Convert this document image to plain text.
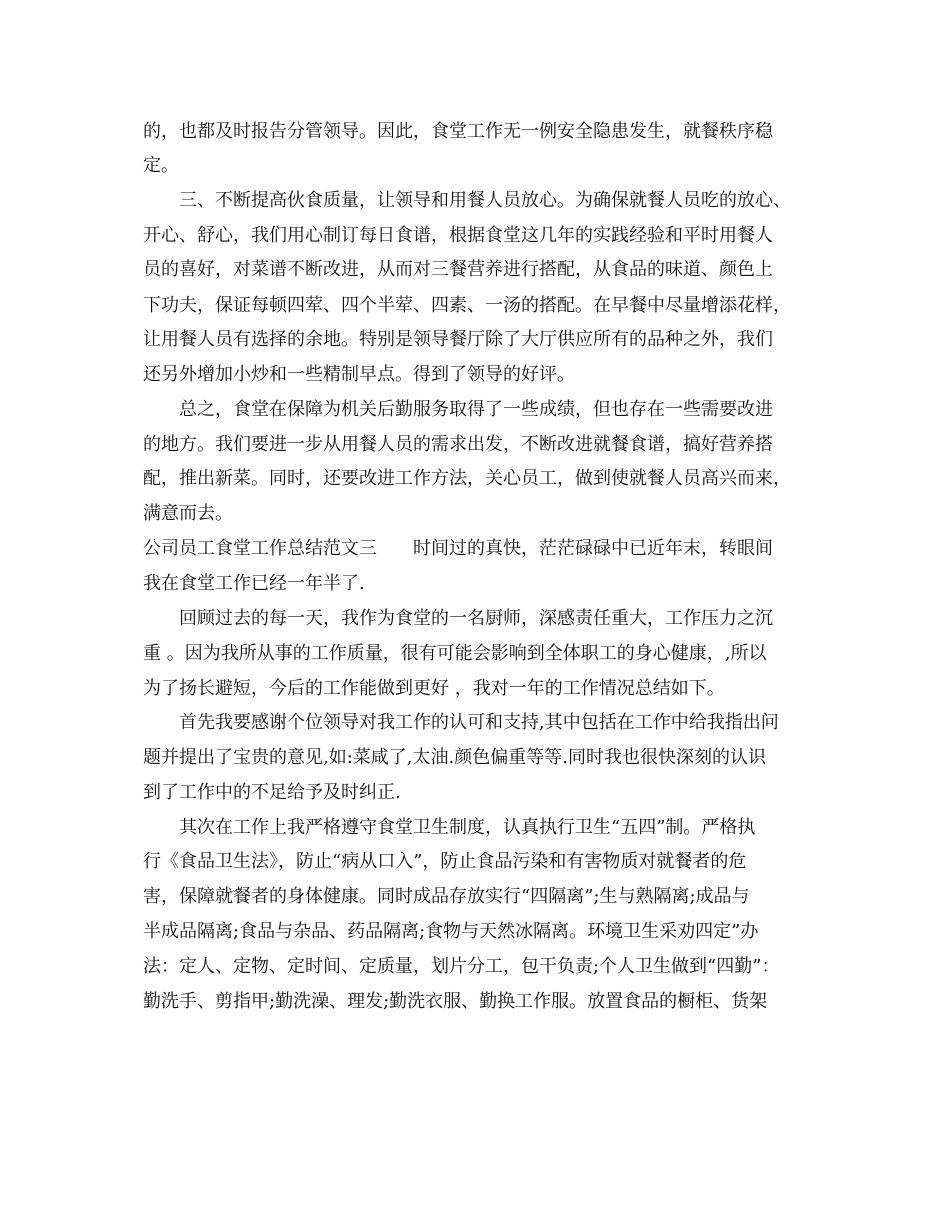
的，也都及时报告分管领导。因此，食堂工作无一例安全隐患发生，就餐秩序稳
定。
三、不断提高伙食质量，让领导和用餐人员放心。为确保就餐人员吃的放心、
开心、舒心，我们用心制订每日食谱，根据食堂这几年的实践经验和平时用餐人
员的喜好，对菜谱不断改进，从而对三餐营养进行搭配，从食品的味道、颜色上
下功夫，保证每顿四荤、四个半荤、四素、一汤的搭配。在早餐中尽量增添花样，
让用餐人员有选择的余地。特别是领导餐厅除了大厅供应所有的品种之外，我们
还另外增加小炒和一些精制早点。得到了领导的好评。
总之，食堂在保障为机关后勤服务取得了一些成绩，但也存在一些需要改进
的地方。我们要进一步从用餐人员的需求出发，不断改进就餐食谱，搞好营养搭
配，推出新菜。同时，还要改进工作方法，关心员工，做到使就餐人员高兴而来，
满意而去。
公司员工食堂工作总结范文三　　时间过的真快，茫茫碌碌中已近年末，转眼间
我在食堂工作已经一年半了.
回顾过去的每一天，我作为食堂的一名厨师，深感责任重大，工作压力之沉
重 。因为我所从事的工作质量，很有可能会影响到全体职工的身心健康，,所以
为了扬长避短，今后的工作能做到更好 ，我对一年的工作情况总结如下。
首先我要感谢个位领导对我工作的认可和支持,其中包括在工作中给我指出问
题并提出了宝贵的意见,如:菜咸了,太油.颜色偏重等等.同时我也很快深刻的认识
到了工作中的不足给予及时纠正.
其次在工作上我严格遵守食堂卫生制度，认真执行卫生“五四”制。严格执
行《食品卫生法》，防止“病从口入”，防止食品污染和有害物质对就餐者的危
害，保障就餐者的身体健康。同时成品存放实行“四隔离”;生与熟隔离;成品与
半成品隔离;食品与杂品、药品隔离;食物与天然冰隔离。环境卫生采劝四定”办
法：定人、定物、定时间、定质量，划片分工，包干负责;个人卫生做到“四勤”：
勤洗手、剪指甲;勤洗澡、理发;勤洗衣服、勤换工作服。放置食品的橱柜、货架
